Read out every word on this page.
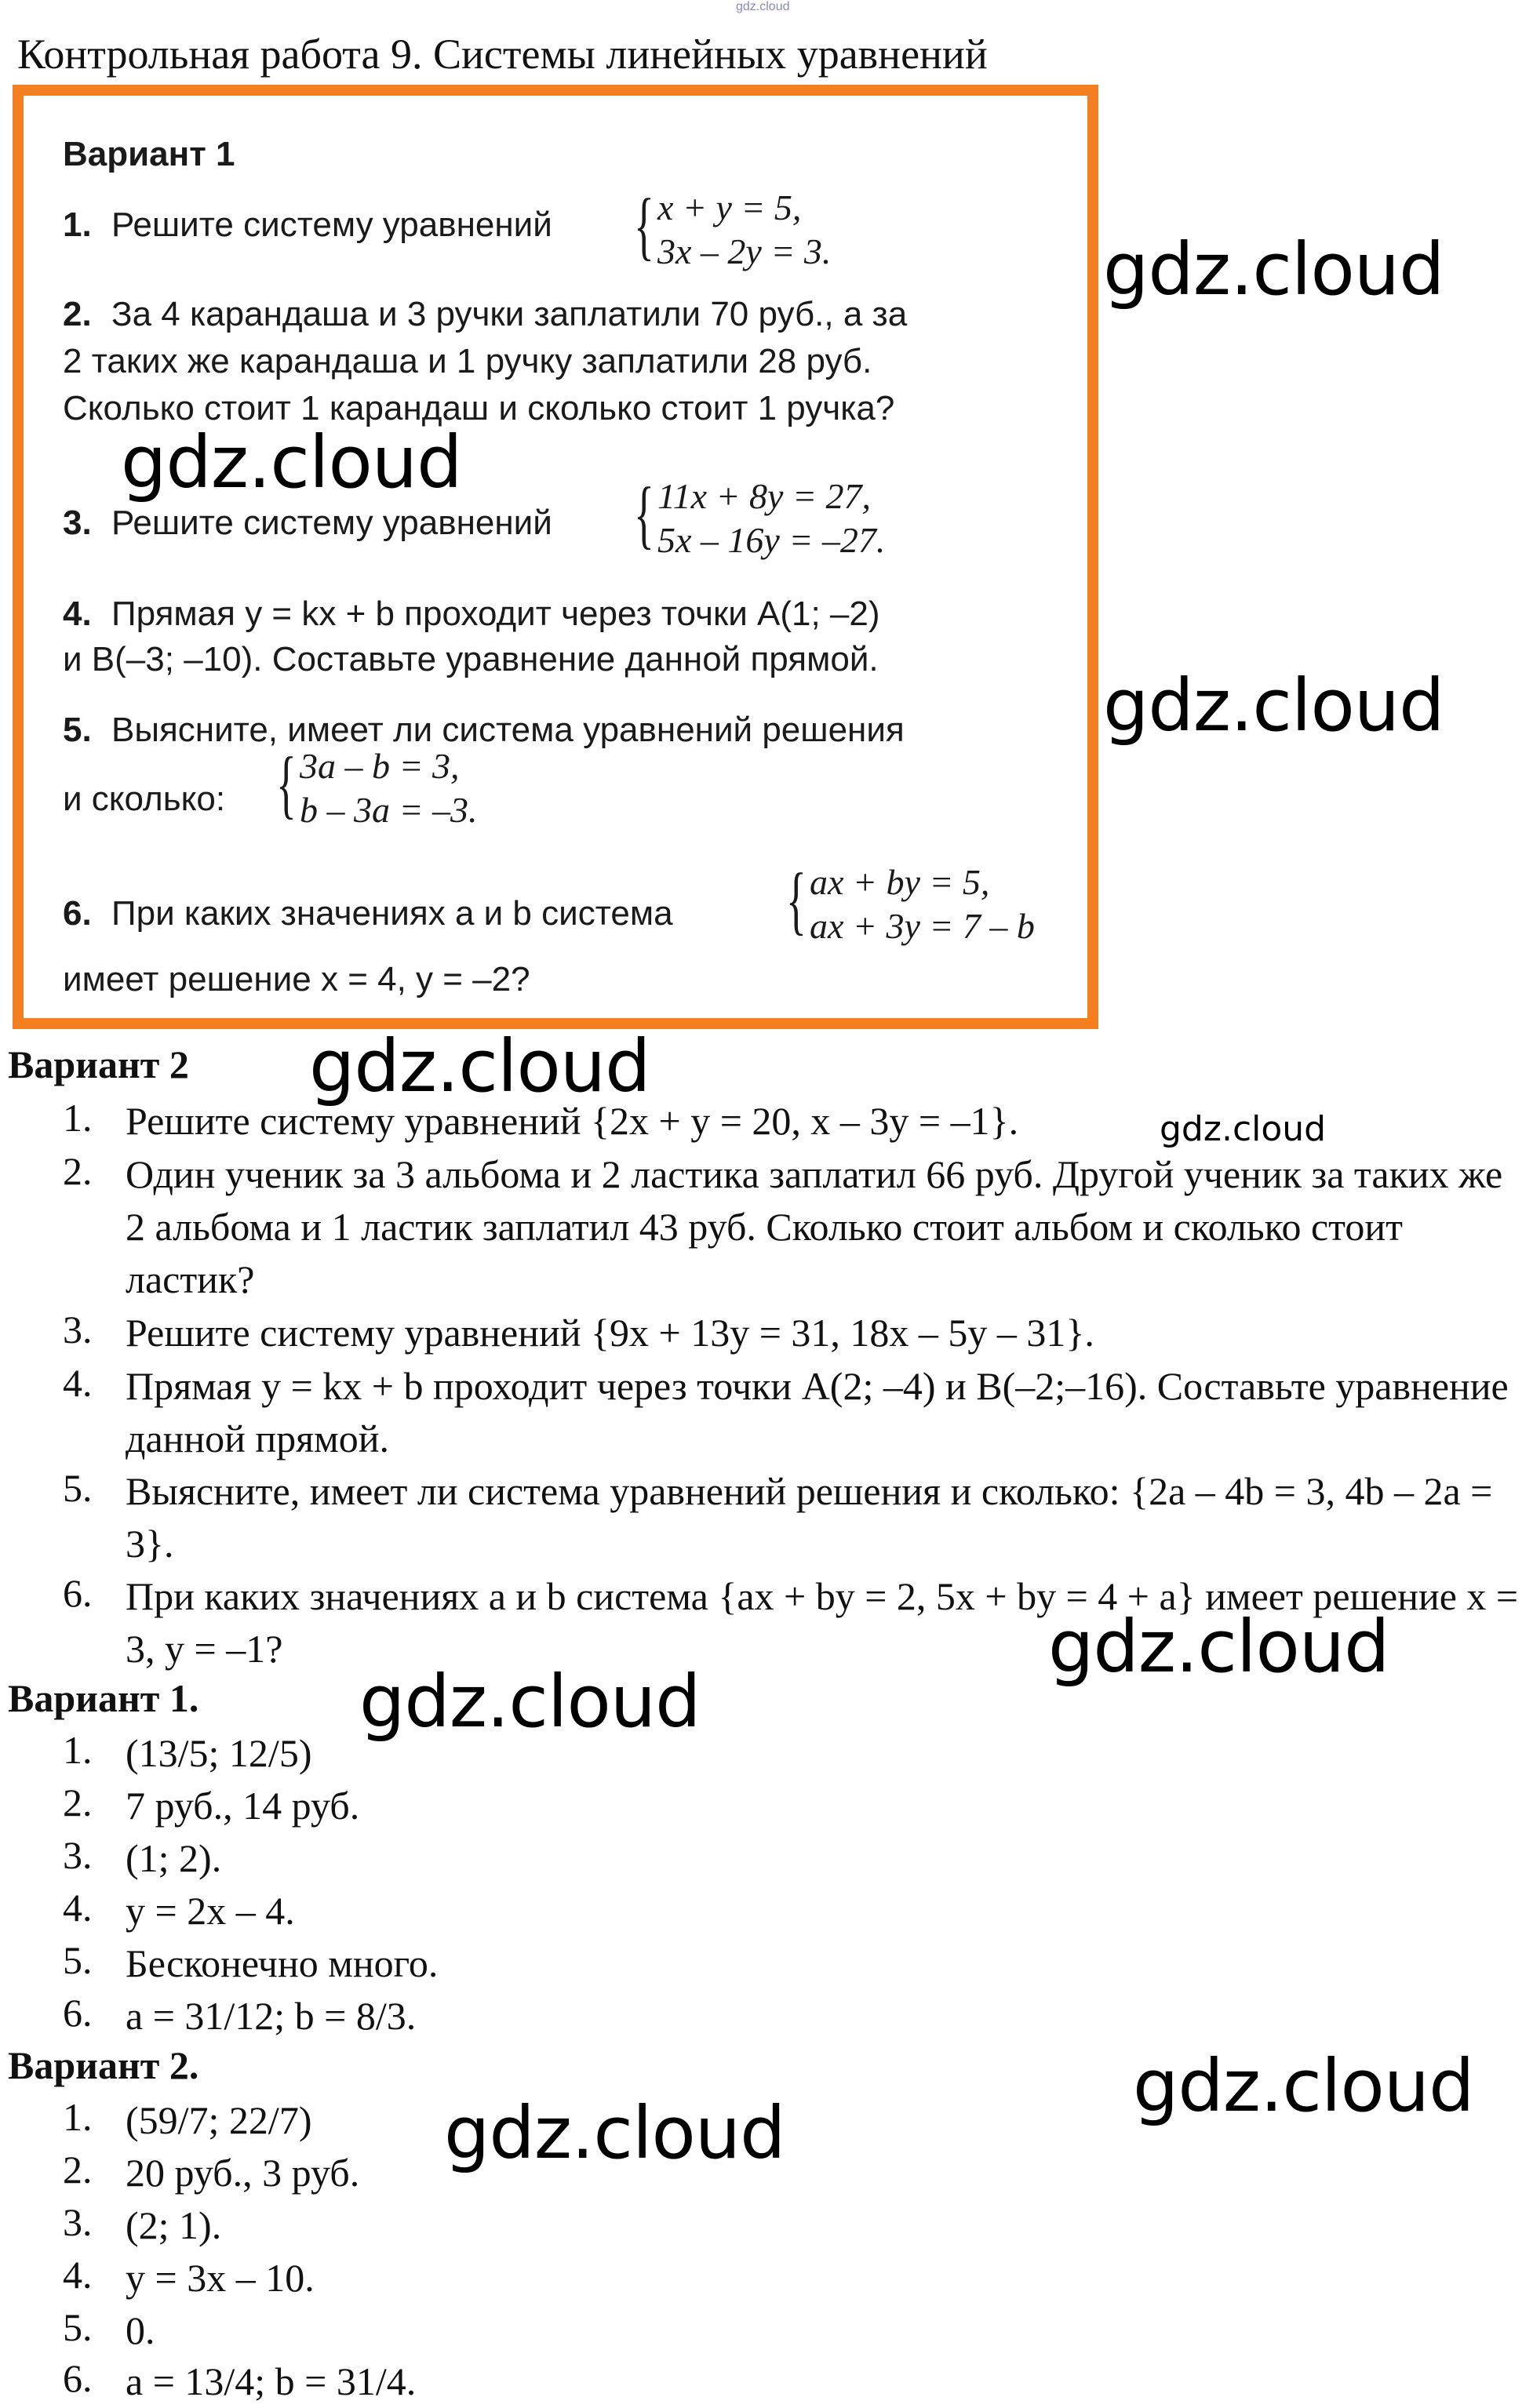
gdz.cloud
Контрольная работа 9. Системы линейных уравнений
Вариант 1
1. Решите систему уравнений { x + y = 5,
3x – 2y = 3.
2. За 4 карандаша и 3 ручки заплатили 70 руб., а за
2 таких же карандаша и 1 ручку заплатили 28 руб.
Сколько стоит 1 карандаш и сколько стоит 1 ручка?
3. Решите систему уравнений { 11x + 8y = 27,
5x – 16y = –27.
4. Прямая y = kx + b проходит через точки A(1; –2)
и B(–3; –10). Составьте уравнение данной прямой.
5. Выясните, имеет ли система уравнений решения
и сколько: { 3a – b = 3,
b – 3a = –3.
6. При каких значениях a и b система
имеет решение x = 4, y = –2?
{ ax + by = 5,
ax + 3y = 7 – b
Вариант 2
1. Решите систему уравнений {2x + y = 20, x – 3y = –1}.
2. Один ученик за 3 альбома и 2 ластика заплатил 66 руб. Другой ученик за таких же 2 альбома и 1 ластик заплатил 43 руб. Сколько стоит альбом и сколько стоит ластик?
3. Решите систему уравнений {9x + 13y = 31, 18x – 5y – 31}.
4. Прямая y = kx + b проходит через точки A(2; –4) и B(–2;–16). Составьте уравнение данной прямой.
5. Выясните, имеет ли система уравнений решения и сколько: {2a – 4b = 3, 4b – 2a = 3}.
6. При каких значениях a и b система {ax + by = 2, 5x + by = 4 + a} имеет решение x = 3, y = –1?
Вариант 1.
1. (13/5; 12/5)
2. 7 руб., 14 руб.
3. (1; 2).
4. y = 2x – 4.
5. Бесконечно много.
6. a = 31/12; b = 8/3.
Вариант 2.
1. (59/7; 22/7)
2. 20 руб., 3 руб.
3. (2; 1).
4. y = 3x – 10.
5. 0.
6. a = 13/4; b = 31/4.
gdz.cloud
gdz.cloud
gdz.cloud
gdz.cloud
gdz.cloud
gdz.cloud
gdz.cloud
gdz.cloud
gdz.cloud
